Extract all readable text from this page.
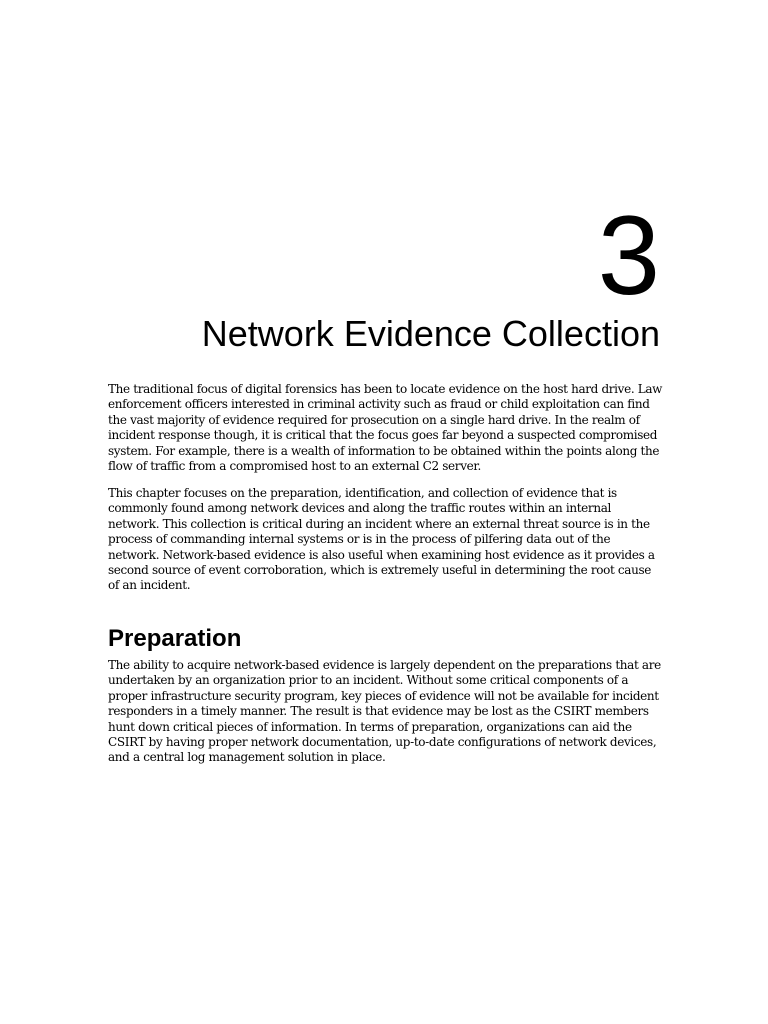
3
Network Evidence Collection

The traditional focus of digital forensics has been to locate evidence on the host hard drive. Law enforcement officers interested in criminal activity such as fraud or child exploitation can find the vast majority of evidence required for prosecution on a single hard drive. In the realm of incident response though, it is critical that the focus goes far beyond a suspected compromised system. For example, there is a wealth of information to be obtained within the points along the flow of traffic from a compromised host to an external C2 server.

This chapter focuses on the preparation, identification, and collection of evidence that is commonly found among network devices and along the traffic routes within an internal network. This collection is critical during an incident where an external threat source is in the process of commanding internal systems or is in the process of pilfering data out of the network. Network-based evidence is also useful when examining host evidence as it provides a second source of event corroboration, which is extremely useful in determining the root cause of an incident.

Preparation

The ability to acquire network-based evidence is largely dependent on the preparations that are undertaken by an organization prior to an incident. Without some critical components of a proper infrastructure security program, key pieces of evidence will not be available for incident responders in a timely manner. The result is that evidence may be lost as the CSIRT members hunt down critical pieces of information. In terms of preparation, organizations can aid the CSIRT by having proper network documentation, up-to-date configurations of network devices, and a central log management solution in place.
